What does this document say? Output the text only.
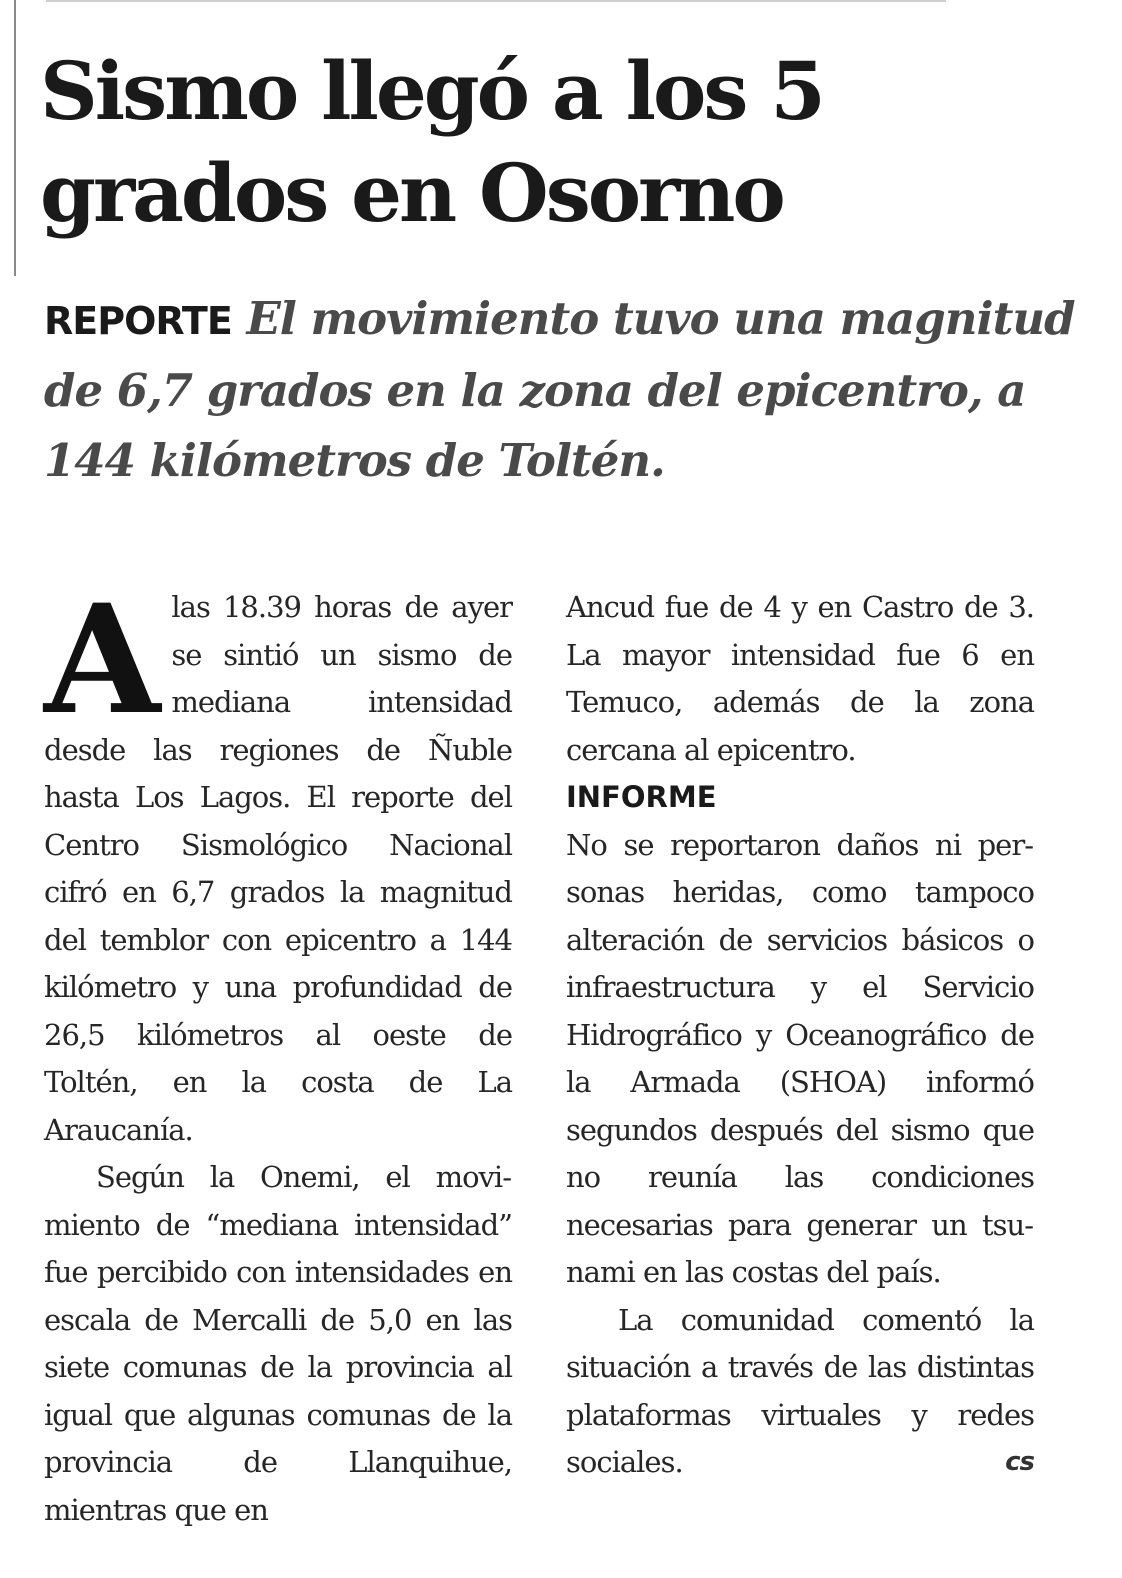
Sismo llegó a los 5 grados en Osorno

REPORTE El movimiento tuvo una magnitud de 6,7 grados en la zona del epicentro, a 144 kilómetros de Toltén.

Alas 18.39 horas de ayer se sintió un sismo de mediana intensidad desde las regiones de Ñuble hasta Los Lagos. El reporte del Centro Sismológico Nacional cifró en 6,7 grados la magnitud del temblor con epicentro a 144 kilómetro y una profundidad de 26,5 kilómetros al oeste de Toltén, en la costa de La Araucanía.

Según la Onemi, el movimiento de “mediana intensidad” fue percibido con intensidades en escala de Mercalli de 5,0 en las siete comunas de la provincia al igual que algunas comunas de la provincia de Llanquihue, mientras que en

Ancud fue de 4 y en Castro de 3. La mayor intensidad fue 6 en Temuco, además de la zona cercana al epicentro.

INFORME

No se reportaron daños ni personas heridas, como tampoco alteración de servicios básicos o infraestructura y el Servicio Hidrográfico y Oceanográfico de la Armada (SHOA) informó segundos después del sismo que no reunía las condiciones necesarias para generar un tsunami en las costas del país.

La comunidad comentó la situación a través de las distintas plataformas virtuales y redes sociales.	cs
